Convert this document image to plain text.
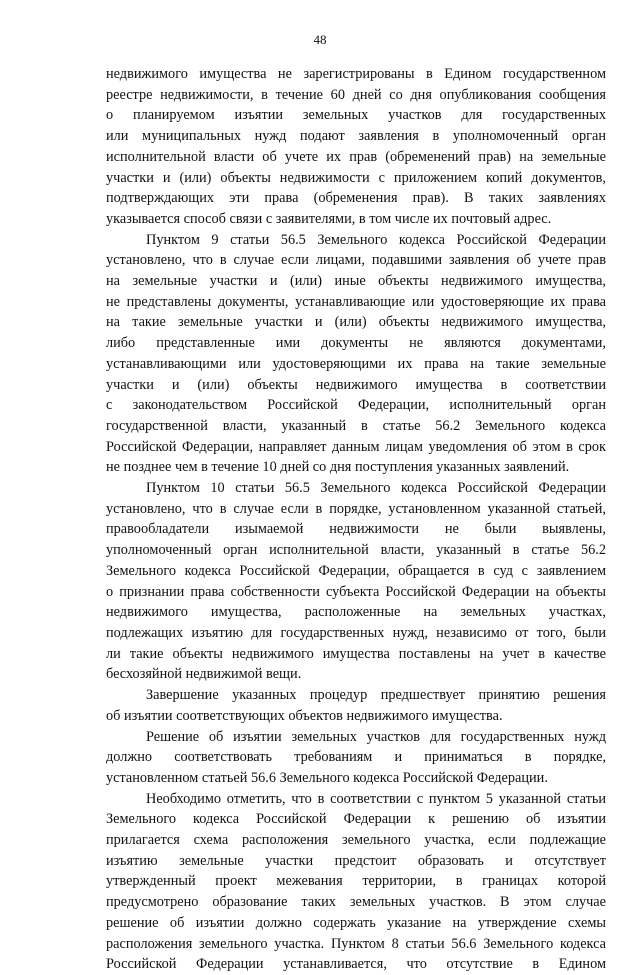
48
недвижимого имущества не зарегистрированы в Едином государственном
реестре недвижимости, в течение 60 дней со дня опубликования сообщения
о планируемом изъятии земельных участков для государственных
или муниципальных нужд подают заявления в уполномоченный орган
исполнительной власти об учете их прав (обременений прав) на земельные
участки и (или) объекты недвижимости с приложением копий документов,
подтверждающих эти права (обременения прав). В таких заявлениях
указывается способ связи с заявителями, в том числе их почтовый адрес.
Пунктом 9 статьи 56.5 Земельного кодекса Российской Федерации
установлено, что в случае если лицами, подавшими заявления об учете прав
на земельные участки и (или) иные объекты недвижимого имущества,
не представлены документы, устанавливающие или удостоверяющие их права
на такие земельные участки и (или) объекты недвижимого имущества,
либо представленные ими документы не являются документами,
устанавливающими или удостоверяющими их права на такие земельные
участки и (или) объекты недвижимого имущества в соответствии
с законодательством Российской Федерации, исполнительный орган
государственной власти, указанный в статье 56.2 Земельного кодекса
Российской Федерации, направляет данным лицам уведомления об этом в срок
не позднее чем в течение 10 дней со дня поступления указанных заявлений.
Пунктом 10 статьи 56.5 Земельного кодекса Российской Федерации
установлено, что в случае если в порядке, установленном указанной статьей,
правообладатели изымаемой недвижимости не были выявлены,
уполномоченный орган исполнительной власти, указанный в статье 56.2
Земельного кодекса Российской Федерации, обращается в суд с заявлением
о признании права собственности субъекта Российской Федерации на объекты
недвижимого имущества, расположенные на земельных участках,
подлежащих изъятию для государственных нужд, независимо от того, были
ли такие объекты недвижимого имущества поставлены на учет в качестве
бесхозяйной недвижимой вещи.
Завершение указанных процедур предшествует принятию решения
об изъятии соответствующих объектов недвижимого имущества.
Решение об изъятии земельных участков для государственных нужд
должно соответствовать требованиям и приниматься в порядке,
установленном статьей 56.6 Земельного кодекса Российской Федерации.
Необходимо отметить, что в соответствии с пунктом 5 указанной статьи
Земельного кодекса Российской Федерации к решению об изъятии
прилагается схема расположения земельного участка, если подлежащие
изъятию земельные участки предстоит образовать и отсутствует
утвержденный проект межевания территории, в границах которой
предусмотрено образование таких земельных участков. В этом случае
решение об изъятии должно содержать указание на утверждение схемы
расположения земельного участка. Пунктом 8 статьи 56.6 Земельного кодекса
Российской Федерации устанавливается, что отсутствие в Едином
